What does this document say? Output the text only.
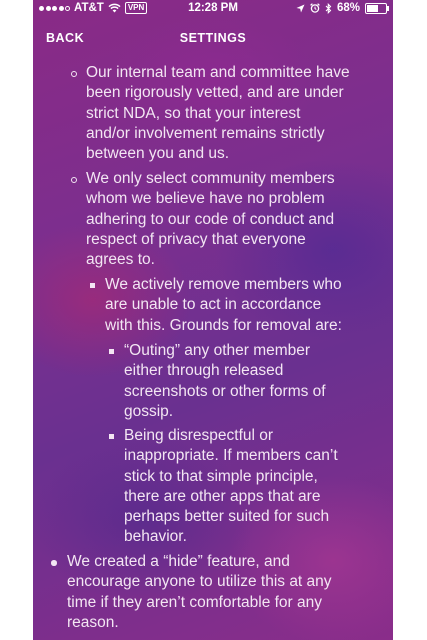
AT&T	VPN	12:28 PM	68%
BACK	SETTINGS
Our internal team and committee have
been rigorously vetted, and are under
strict NDA, so that your interest
and/or involvement remains strictly
between you and us.
We only select community members
whom we believe have no problem
adhering to our code of conduct and
respect of privacy that everyone
agrees to.
We actively remove members who
are unable to act in accordance
with this. Grounds for removal are:
“Outing” any other member
either through released
screenshots or other forms of
gossip.
Being disrespectful or
inappropriate. If members can’t
stick to that simple principle,
there are other apps that are
perhaps better suited for such
behavior.
We created a “hide” feature, and
encourage anyone to utilize this at any
time if they aren’t comfortable for any
reason.
